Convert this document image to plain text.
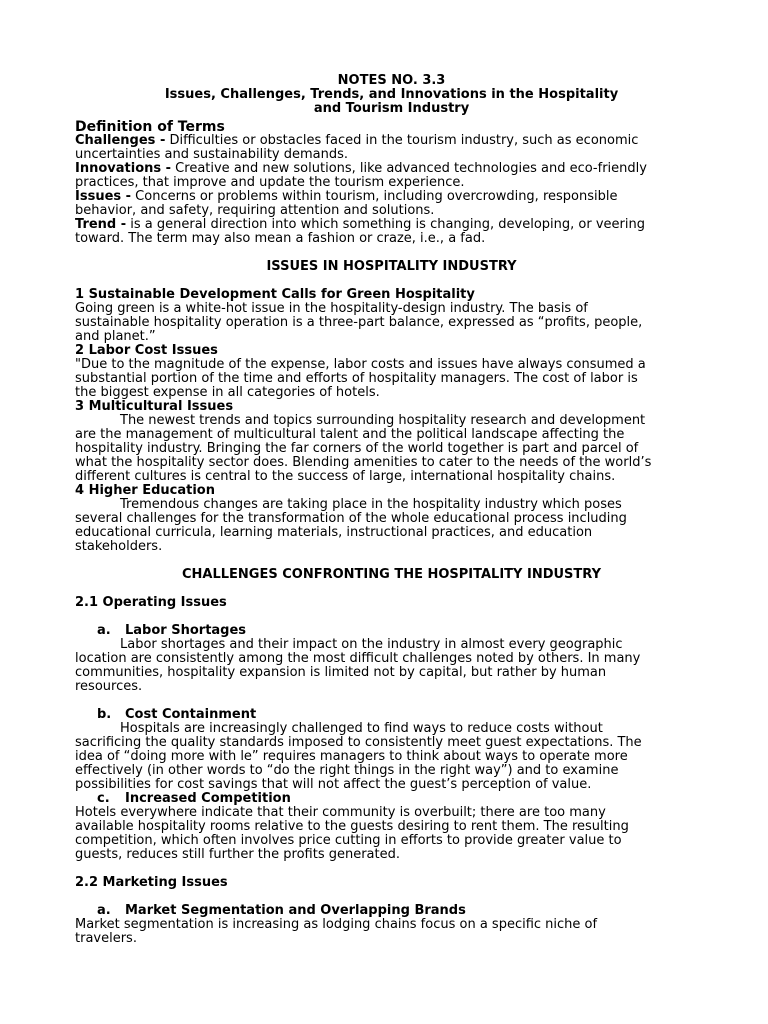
NOTES NO. 3.3
Issues, Challenges, Trends, and Innovations in the Hospitality
and Tourism Industry
Definition of Terms
Challenges - Difficulties or obstacles faced in the tourism industry, such as economic
uncertainties and sustainability demands.
Innovations - Creative and new solutions, like advanced technologies and eco-friendly
practices, that improve and update the tourism experience.
Issues - Concerns or problems within tourism, including overcrowding, responsible
behavior, and safety, requiring attention and solutions.
Trend - is a general direction into which something is changing, developing, or veering
toward. The term may also mean a fashion or craze, i.e., a fad.
ISSUES IN HOSPITALITY INDUSTRY
1 Sustainable Development Calls for Green Hospitality
Going green is a white-hot issue in the hospitality-design industry. The basis of
sustainable hospitality operation is a three-part balance, expressed as “profits, people,
and planet.”
2 Labor Cost Issues
"Due to the magnitude of the expense, labor costs and issues have always consumed a
substantial portion of the time and efforts of hospitality managers. The cost of labor is
the biggest expense in all categories of hotels.
3 Multicultural Issues
The newest trends and topics surrounding hospitality research and development
are the management of multicultural talent and the political landscape affecting the
hospitality industry. Bringing the far corners of the world together is part and parcel of
what the hospitality sector does. Blending amenities to cater to the needs of the world’s
different cultures is central to the success of large, international hospitality chains.
4 Higher Education
Tremendous changes are taking place in the hospitality industry which poses
several challenges for the transformation of the whole educational process including
educational curricula, learning materials, instructional practices, and education
stakeholders.
CHALLENGES CONFRONTING THE HOSPITALITY INDUSTRY
2.1 Operating Issues
a. Labor Shortages
Labor shortages and their impact on the industry in almost every geographic
location are consistently among the most difficult challenges noted by others. In many
communities, hospitality expansion is limited not by capital, but rather by human
resources.
b. Cost Containment
Hospitals are increasingly challenged to find ways to reduce costs without
sacrificing the quality standards imposed to consistently meet guest expectations. The
idea of “doing more with le” requires managers to think about ways to operate more
effectively (in other words to “do the right things in the right way”) and to examine
possibilities for cost savings that will not affect the guest’s perception of value.
c. Increased Competition
Hotels everywhere indicate that their community is overbuilt; there are too many
available hospitality rooms relative to the guests desiring to rent them. The resulting
competition, which often involves price cutting in efforts to provide greater value to
guests, reduces still further the profits generated.
2.2 Marketing Issues
a. Market Segmentation and Overlapping Brands
Market segmentation is increasing as lodging chains focus on a specific niche of
travelers.
